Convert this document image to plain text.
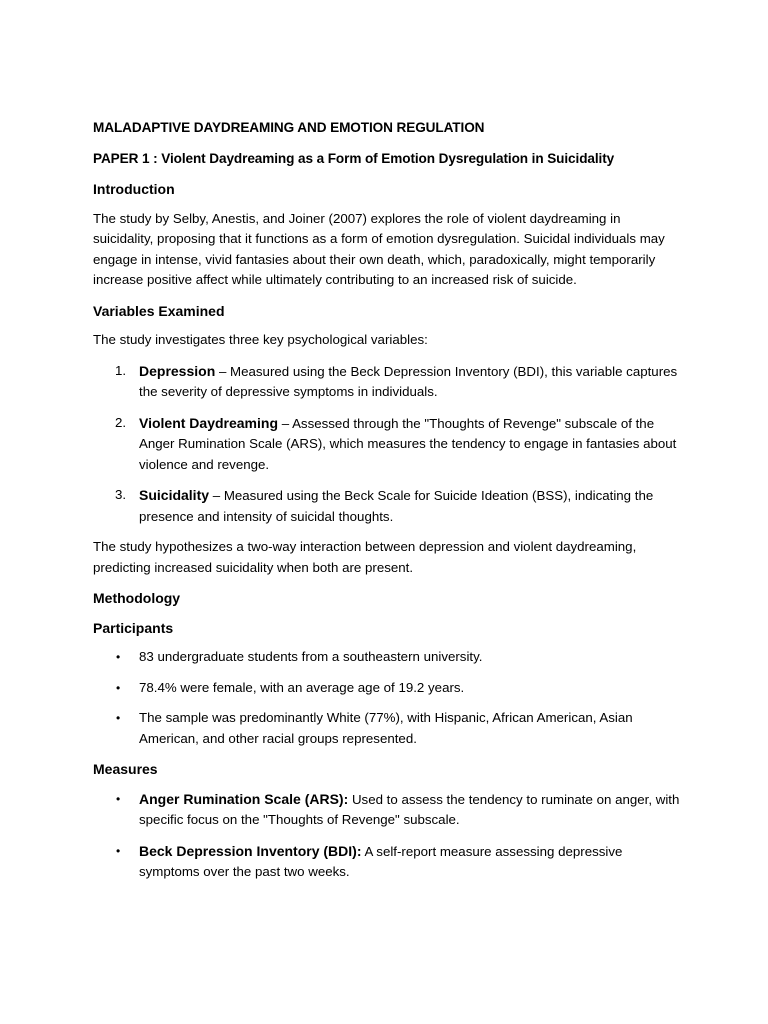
MALADAPTIVE DAYDREAMING AND EMOTION REGULATION
PAPER 1 : Violent Daydreaming as a Form of Emotion Dysregulation in Suicidality
Introduction

The study by Selby, Anestis, and Joiner (2007) explores the role of violent daydreaming in suicidality, proposing that it functions as a form of emotion dysregulation. Suicidal individuals may engage in intense, vivid fantasies about their own death, which, paradoxically, might temporarily increase positive affect while ultimately contributing to an increased risk of suicide.

Variables Examined

The study investigates three key psychological variables:

1. Depression – Measured using the Beck Depression Inventory (BDI), this variable captures the severity of depressive symptoms in individuals.
2. Violent Daydreaming – Assessed through the "Thoughts of Revenge" subscale of the Anger Rumination Scale (ARS), which measures the tendency to engage in fantasies about violence and revenge.
3. Suicidality – Measured using the Beck Scale for Suicide Ideation (BSS), indicating the presence and intensity of suicidal thoughts.

The study hypothesizes a two-way interaction between depression and violent daydreaming, predicting increased suicidality when both are present.

Methodology
Participants
• 83 undergraduate students from a southeastern university.
• 78.4% were female, with an average age of 19.2 years.
• The sample was predominantly White (77%), with Hispanic, African American, Asian American, and other racial groups represented.
Measures
• Anger Rumination Scale (ARS): Used to assess the tendency to ruminate on anger, with specific focus on the "Thoughts of Revenge" subscale.
• Beck Depression Inventory (BDI): A self-report measure assessing depressive symptoms over the past two weeks.
